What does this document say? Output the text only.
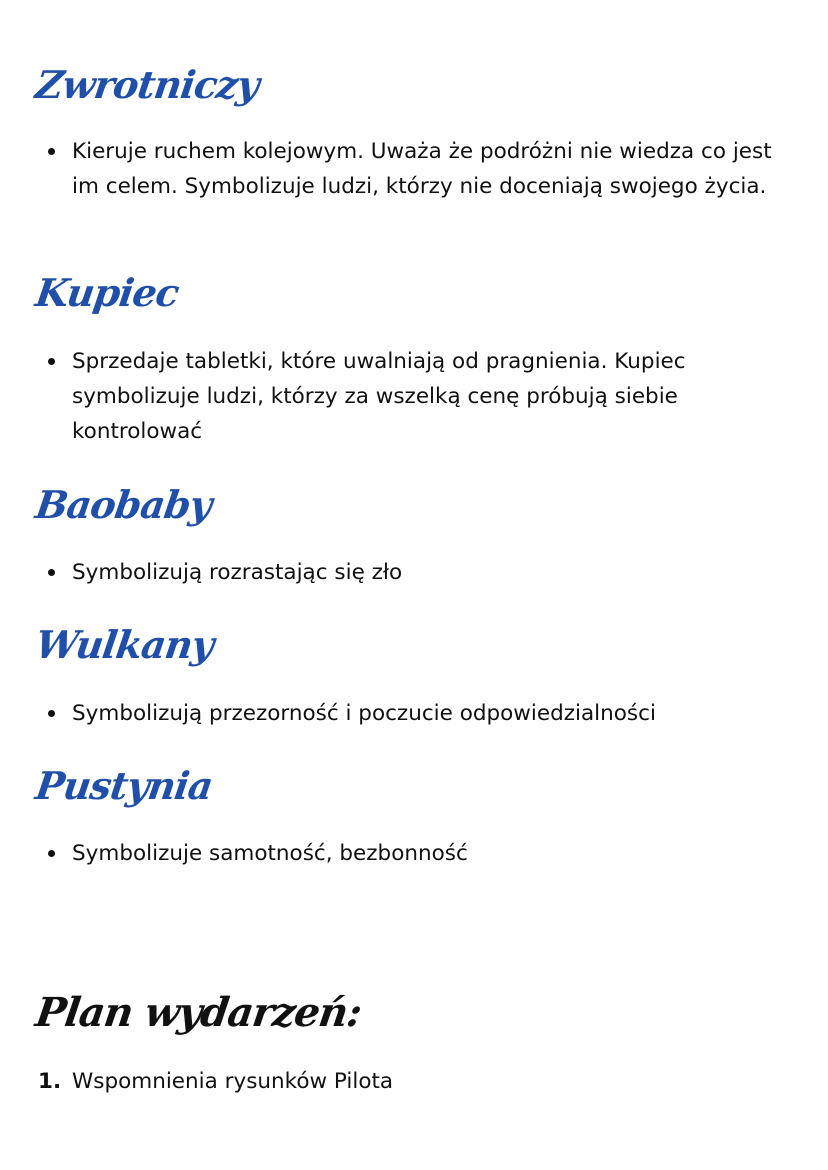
Zwrotniczy
Kieruje ruchem kolejowym. Uważa że podróżni nie wiedza co jest im celem. Symbolizuje ludzi, którzy nie doceniają swojego życia.
Kupiec
Sprzedaje tabletki, które uwalniają od pragnienia. Kupiec symbolizuje ludzi, którzy za wszelką cenę próbują siebie kontrolować
Baobaby
Symbolizują rozrastając się zło
Wulkany
Symbolizują przezorność i poczucie odpowiedzialności
Pustynia
Symbolizuje samotność, bezbonność
Plan wydarzeń:
1. Wspomnienia rysunków Pilota
